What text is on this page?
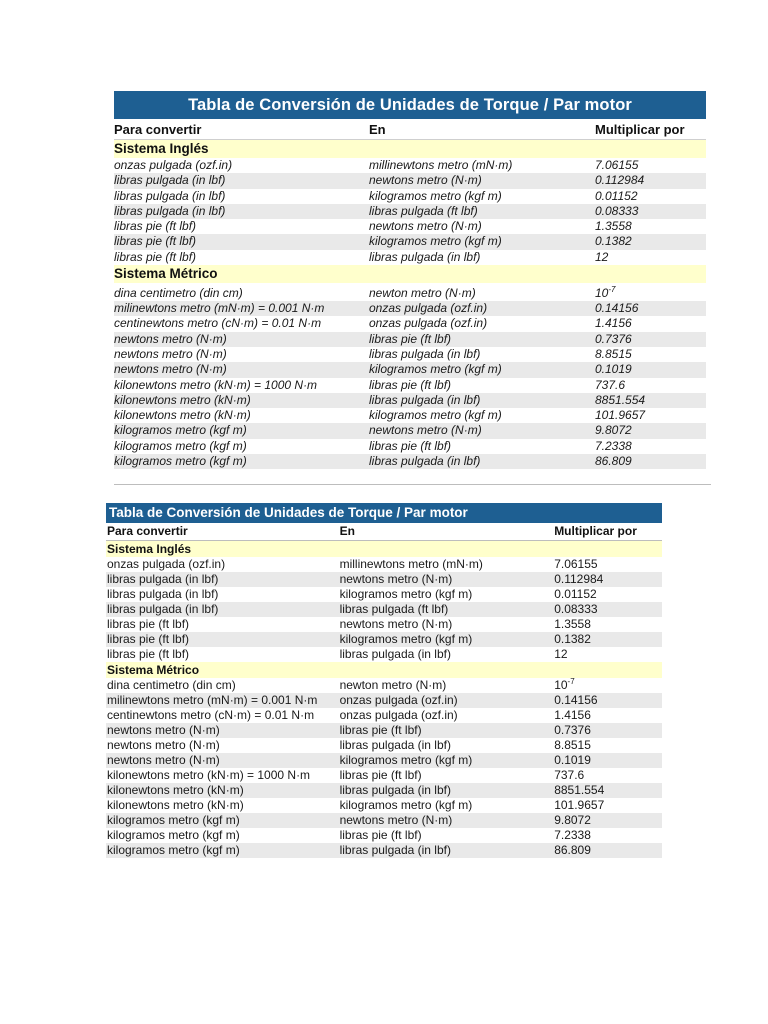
Tabla de Conversión de Unidades de Torque / Par motor
Para convertir	En	Multiplicar por
Sistema Inglés
onzas pulgada (ozf.in)	millinewtons metro (mN·m)	7.06155
libras pulgada (in lbf)	newtons metro (N·m)	0.112984
libras pulgada (in lbf)	kilogramos metro (kgf m)	0.01152
libras pulgada (in lbf)	libras pulgada (ft lbf)	0.08333
libras pie (ft lbf)	newtons metro (N·m)	1.3558
libras pie (ft lbf)	kilogramos metro (kgf m)	0.1382
libras pie (ft lbf)	libras pulgada (in lbf)	12
Sistema Métrico
dina centimetro (din cm)	newton metro (N·m)	$10^{-7}$
milinewtons metro (mN·m) = 0.001 N·m	onzas pulgada (ozf.in)	0.14156
centinewtons metro (cN·m) = 0.01 N·m	onzas pulgada (ozf.in)	1.4156
newtons metro (N·m)	libras pie (ft lbf)	0.7376
newtons metro (N·m)	libras pulgada (in lbf)	8.8515
newtons metro (N·m)	kilogramos metro (kgf m)	0.1019
kilonewtons metro (kN·m) = 1000 N·m	libras pie (ft lbf)	737.6
kilonewtons metro (kN·m)	libras pulgada (in lbf)	8851.554
kilonewtons metro (kN·m)	kilogramos metro (kgf m)	101.9657
kilogramos metro (kgf m)	newtons metro (N·m)	9.8072
kilogramos metro (kgf m)	libras pie (ft lbf)	7.2338
kilogramos metro (kgf m)	libras pulgada (in lbf)	86.809
Tabla de Conversión de Unidades de Torque / Par motor
Para convertir	En	Multiplicar por
Sistema Inglés
onzas pulgada (ozf.in)	millinewtons metro (mN·m)	7.06155
libras pulgada (in lbf)	newtons metro (N·m)	0.112984
libras pulgada (in lbf)	kilogramos metro (kgf m)	0.01152
libras pulgada (in lbf)	libras pulgada (ft lbf)	0.08333
libras pie (ft lbf)	newtons metro (N·m)	1.3558
libras pie (ft lbf)	kilogramos metro (kgf m)	0.1382
libras pie (ft lbf)	libras pulgada (in lbf)	12
Sistema Métrico
dina centimetro (din cm)	newton metro (N·m)	$10^{-7}$
milinewtons metro (mN·m) = 0.001 N·m	onzas pulgada (ozf.in)	0.14156
centinewtons metro (cN·m) = 0.01 N·m	onzas pulgada (ozf.in)	1.4156
newtons metro (N·m)	libras pie (ft lbf)	0.7376
newtons metro (N·m)	libras pulgada (in lbf)	8.8515
newtons metro (N·m)	kilogramos metro (kgf m)	0.1019
kilonewtons metro (kN·m) = 1000 N·m	libras pie (ft lbf)	737.6
kilonewtons metro (kN·m)	libras pulgada (in lbf)	8851.554
kilonewtons metro (kN·m)	kilogramos metro (kgf m)	101.9657
kilogramos metro (kgf m)	newtons metro (N·m)	9.8072
kilogramos metro (kgf m)	libras pie (ft lbf)	7.2338
kilogramos metro (kgf m)	libras pulgada (in lbf)	86.809
